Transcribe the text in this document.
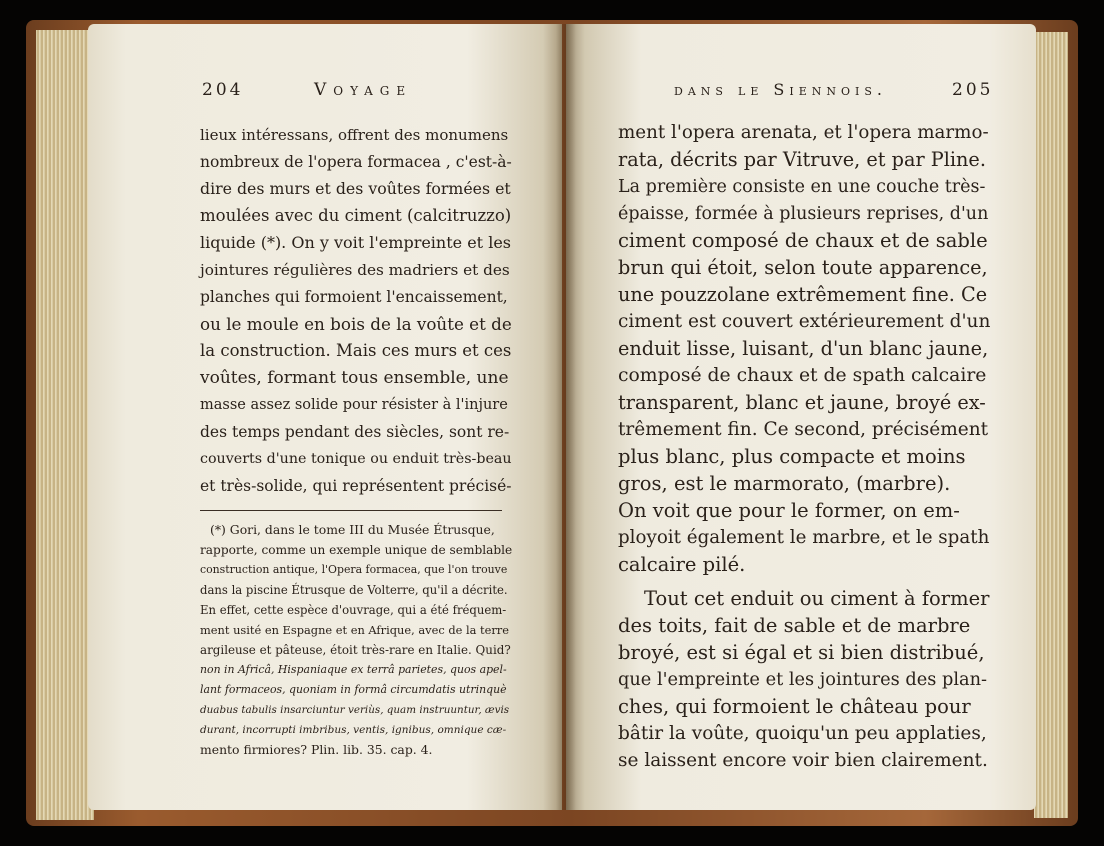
204	Voyage
lieux intéressans, offrent des monumens
nombreux de l'opera formacea , c'est-à-
dire des murs et des voûtes formées et
moulées avec du ciment (calcitruzzo)
liquide (*). On y voit l'empreinte et les
jointures régulières des madriers et des
planches qui formoient l'encaissement,
ou le moule en bois de la voûte et de
la construction. Mais ces murs et ces
voûtes, formant tous ensemble, une
masse assez solide pour résister à l'injure
des temps pendant des siècles, sont re-
couverts d'une tonique ou enduit très-beau
et très-solide, qui représentent précisé-
(*) Gori, dans le tome III du Musée Étrusque,
rapporte, comme un exemple unique de semblable
construction antique, l'Opera formacea, que l'on trouve
dans la piscine Étrusque de Volterre, qu'il a décrite.
En effet, cette espèce d'ouvrage, qui a été fréquem-
ment usité en Espagne et en Afrique, avec de la terre
argileuse et pâteuse, étoit très-rare en Italie. Quid?
non in Africâ, Hispaniaque ex terrâ parietes, quos apel-
lant formaceos, quoniam in formâ circumdatis utrinquè
duabus tabulis insarciuntur veriùs, quam instruuntur, ævis
durant, incorrupti imbribus, ventis, ignibus, omnique cæ-
mento firmiores? Plin. lib. 35. cap. 4.
dans le Siennois.	205
ment l'opera arenata, et l'opera marmo-
rata, décrits par Vitruve, et par Pline.
La première consiste en une couche très-
épaisse, formée à plusieurs reprises, d'un
ciment composé de chaux et de sable
brun qui étoit, selon toute apparence,
une pouzzolane extrêmement fine. Ce
ciment est couvert extérieurement d'un
enduit lisse, luisant, d'un blanc jaune,
composé de chaux et de spath calcaire
transparent, blanc et jaune, broyé ex-
trêmement fin. Ce second, précisément
plus blanc, plus compacte et moins
gros, est le marmorato, (marbre).
On voit que pour le former, on em-
ployoit également le marbre, et le spath
calcaire pilé.
Tout cet enduit ou ciment à former
des toits, fait de sable et de marbre
broyé, est si égal et si bien distribué,
que l'empreinte et les jointures des plan-
ches, qui formoient le château pour
bâtir la voûte, quoiqu'un peu applaties,
se laissent encore voir bien clairement.
